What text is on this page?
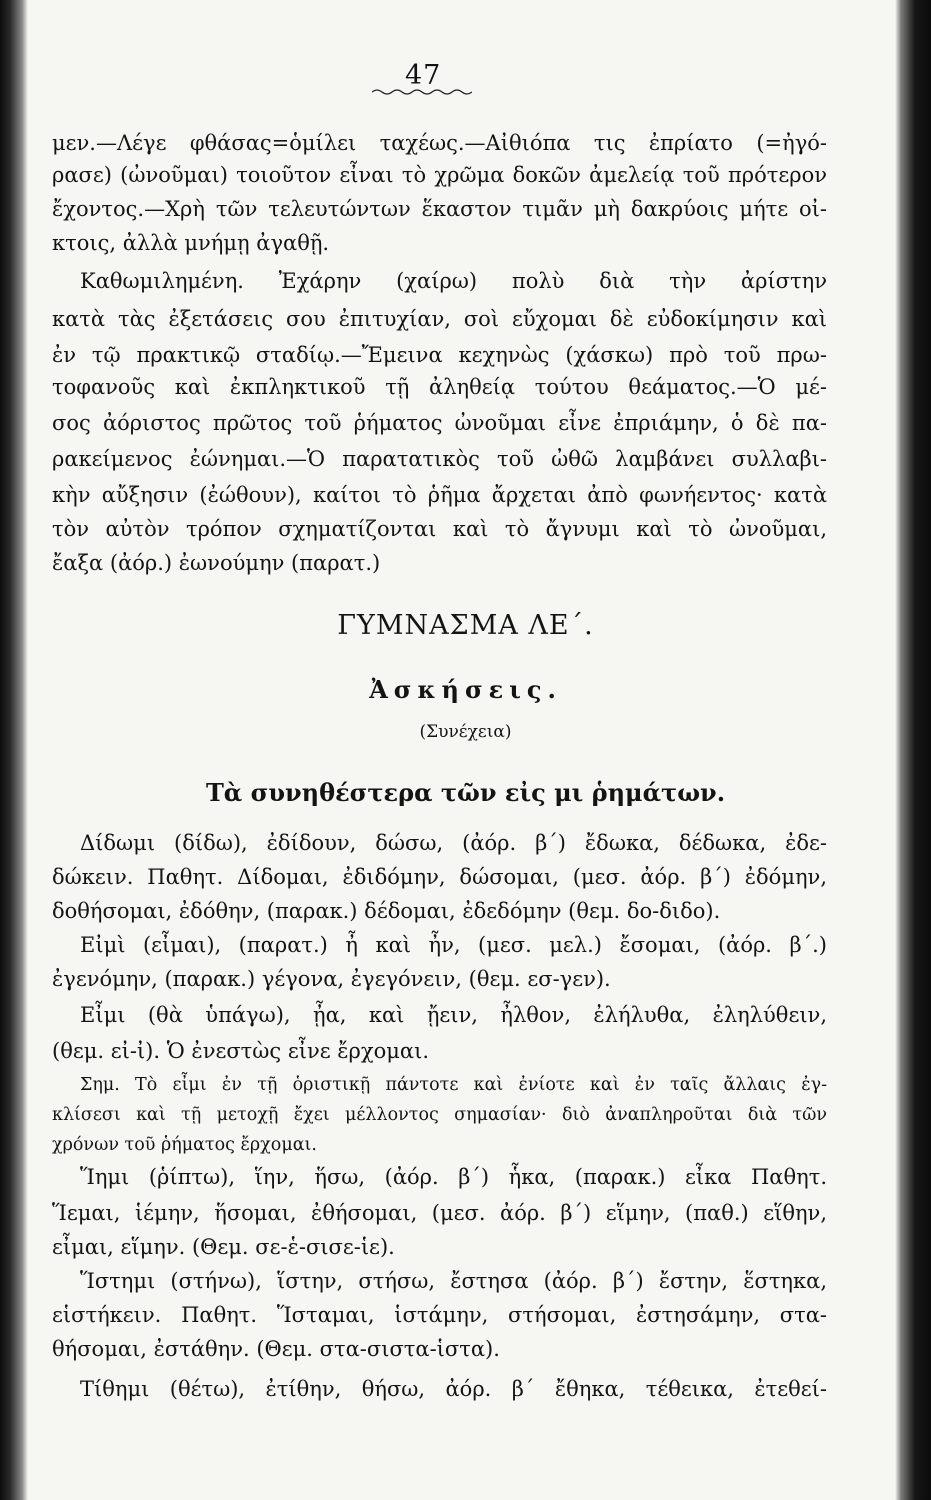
47
μεν.—Λέγε φθάσας=ὁμίλει ταχέως.—Αἰθιόπα τις ἐπρίατο (=ἠγό-
ρασε) (ὠνοῦμαι) τοιοῦτον εἶναι τὸ χρῶμα δοκῶν ἀμελείᾳ τοῦ πρότερον
ἔχοντος.—Χρὴ τῶν τελευτώντων ἕκαστον τιμᾶν μὴ δακρύοις μήτε οἰ-
κτοις, ἀλλὰ μνήμῃ ἀγαθῇ.
Καθωμιλημένη. Ἐχάρην (χαίρω) πολὺ διὰ τὴν ἀρίστην
κατὰ τὰς ἐξετάσεις σου ἐπιτυχίαν, σοὶ εὔχομαι δὲ εὐδοκίμησιν καὶ
ἐν τῷ πρακτικῷ σταδίῳ.—Ἔμεινα κεχηνὼς (χάσκω) πρὸ τοῦ πρω-
τοφανοῦς καὶ ἐκπληκτικοῦ τῇ ἀληθείᾳ τούτου θεάματος.—Ὁ μέ-
σος ἀόριστος πρῶτος τοῦ ῥήματος ὠνοῦμαι εἶνε ἐπριάμην, ὁ δὲ πα-
ρακείμενος ἐώνημαι.—Ὁ παρατατικὸς τοῦ ὠθῶ λαμβάνει συλλαβι-
κὴν αὔξησιν (ἐώθουν), καίτοι τὸ ῥῆμα ἄρχεται ἀπὸ φωνήεντος· κατὰ
τὸν αὐτὸν τρόπον σχηματίζονται καὶ τὸ ἄγνυμι καὶ τὸ ὠνοῦμαι,
ἔαξα (ἀόρ.) ἐωνούμην (παρατ.)
ΓΥΜΝΑΣΜΑ ΛΕ΄.
Ἀσκήσεις.
(Συνέχεια)
Τὰ συνηθέστερα τῶν εἰς μι ῥημάτων.
Δίδωμι (δίδω), ἐδίδουν, δώσω, (ἀόρ. β΄) ἔδωκα, δέδωκα, ἐδε-
δώκειν. Παθητ. Δίδομαι, ἐδιδόμην, δώσομαι, (μεσ. ἀόρ. β΄) ἐδόμην,
δοθήσομαι, ἐδόθην, (παρακ.) δέδομαι, ἐδεδόμην (θεμ. δο-διδο).
Εἰμὶ (εἶμαι), (παρατ.) ἦ καὶ ἦν, (μεσ. μελ.) ἔσομαι, (ἀόρ. β΄.)
ἐγενόμην, (παρακ.) γέγονα, ἐγεγόνειν, (θεμ. εσ-γεν).
Εἶμι (θὰ ὑπάγω), ᾖα, καὶ ᾔειν, ἦλθον, ἐλήλυθα, ἐληλύθειν,
(θεμ. εἰ-ἰ). Ὁ ἐνεστὼς εἶνε ἔρχομαι.
Σημ. Τὸ εἶμι ἐν τῇ ὁριστικῇ πάντοτε καὶ ἐνίοτε καὶ ἐν ταῖς ἄλλαις ἐγ-
κλίσεσι καὶ τῇ μετοχῇ ἔχει μέλλοντος σημασίαν· διὸ ἀναπληροῦται διὰ τῶν
χρόνων τοῦ ῥήματος ἔρχομαι.
Ἵημι (ῥίπτω), ἵην, ἥσω, (ἀόρ. β΄) ἧκα, (παρακ.) εἶκα Παθητ.
Ἵεμαι, ἱέμην, ἥσομαι, ἐθήσομαι, (μεσ. ἀόρ. β΄) εἵμην, (παθ.) εἵθην,
εἶμαι, εἵμην. (Θεμ. σε-ἑ-σισε-ἱε).
Ἵστημι (στήνω), ἵστην, στήσω, ἔστησα (ἀόρ. β΄) ἔστην, ἕστηκα,
εἱστήκειν. Παθητ. Ἵσταμαι, ἱστάμην, στήσομαι, ἐστησάμην, στα-
θήσομαι, ἐστάθην. (Θεμ. στα-σιστα-ἱστα).
Τίθημι (θέτω), ἐτίθην, θήσω, ἀόρ. β΄ ἔθηκα, τέθεικα, ἐτεθεί-
